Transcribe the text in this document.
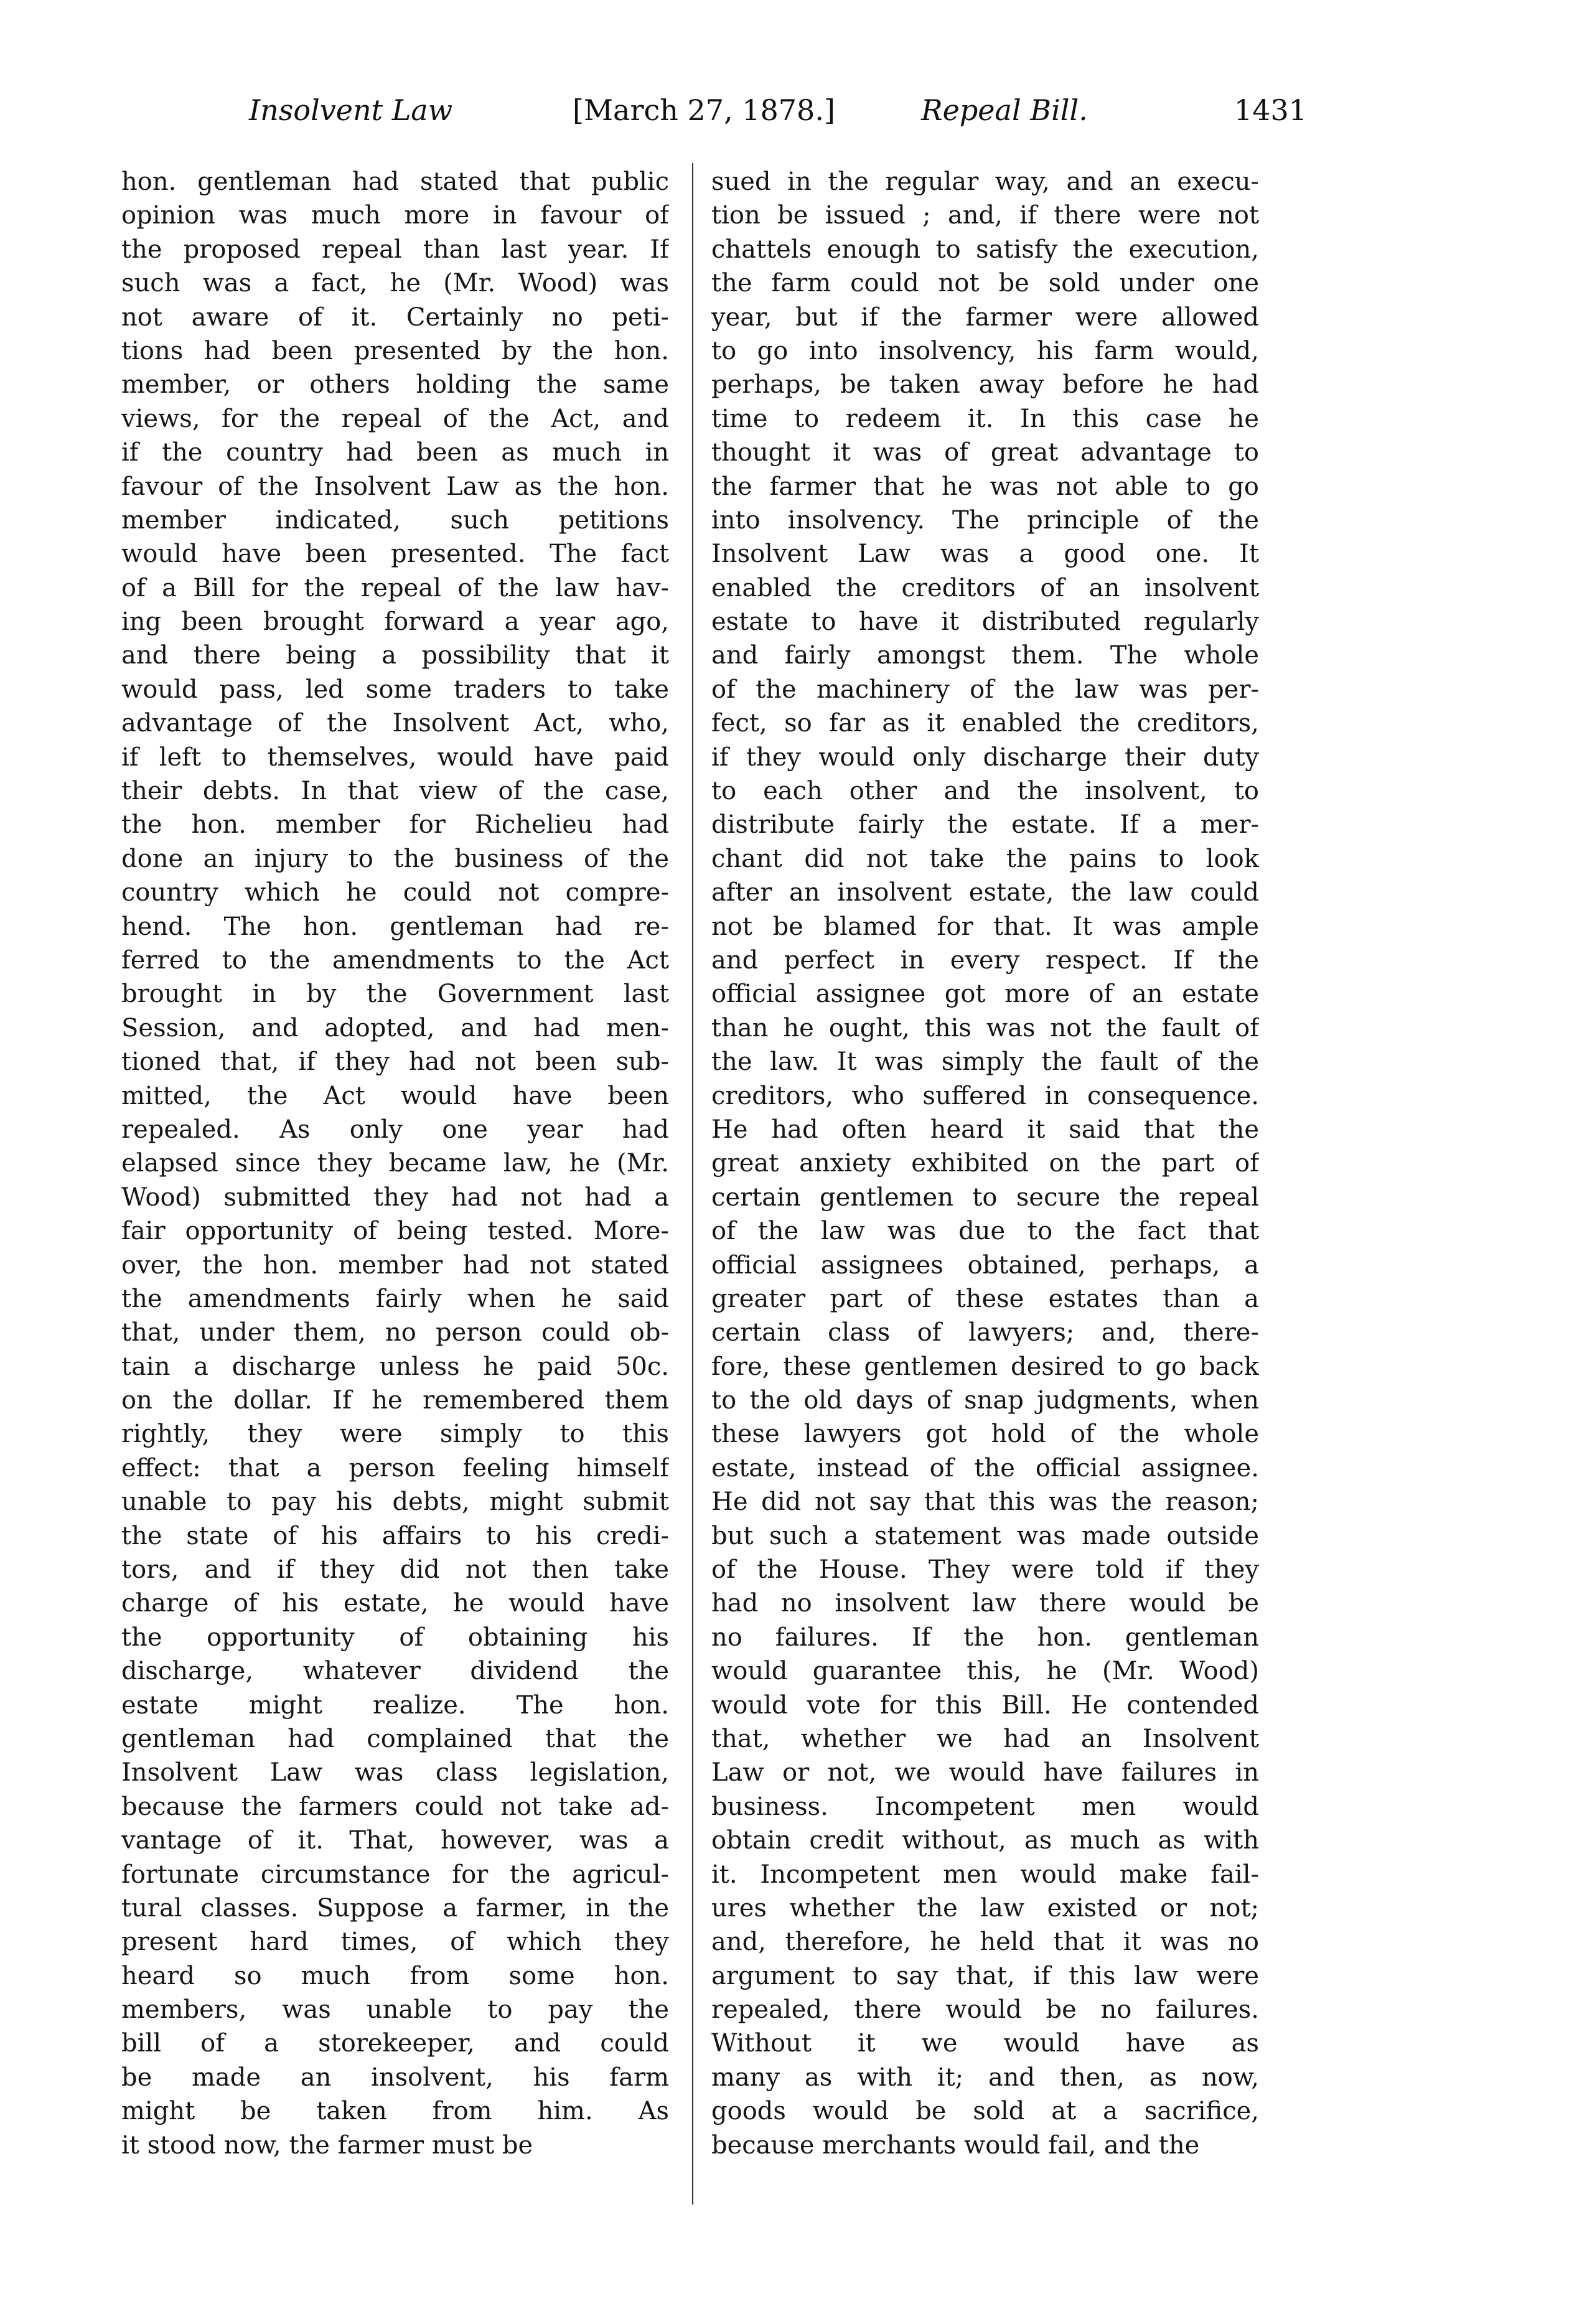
Insolvent Law	[March 27, 1878.]	Repeal Bill.	1431
hon. gentleman had stated that public
opinion was much more in favour of
the proposed repeal than last year. If
such was a fact, he (Mr. Wood) was
not aware of it. Certainly no peti-
tions had been presented by the hon.
member, or others holding the same
views, for the repeal of the Act, and
if the country had been as much in
favour of the Insolvent Law as the hon.
member indicated, such petitions
would have been presented. The fact
of a Bill for the repeal of the law hav-
ing been brought forward a year ago,
and there being a possibility that it
would pass, led some traders to take
advantage of the Insolvent Act, who,
if left to themselves, would have paid
their debts. In that view of the case,
the hon. member for Richelieu had
done an injury to the business of the
country which he could not compre-
hend. The hon. gentleman had re-
ferred to the amendments to the Act
brought in by the Government last
Session, and adopted, and had men-
tioned that, if they had not been sub-
mitted, the Act would have been
repealed. As only one year had
elapsed since they became law, he (Mr.
Wood) submitted they had not had a
fair opportunity of being tested. More-
over, the hon. member had not stated
the amendments fairly when he said
that, under them, no person could ob-
tain a discharge unless he paid 50c.
on the dollar. If he remembered them
rightly, they were simply to this
effect: that a person feeling himself
unable to pay his debts, might submit
the state of his affairs to his credi-
tors, and if they did not then take
charge of his estate, he would have
the opportunity of obtaining his
discharge, whatever dividend the
estate might realize. The hon.
gentleman had complained that the
Insolvent Law was class legislation,
because the farmers could not take ad-
vantage of it. That, however, was a
fortunate circumstance for the agricul-
tural classes. Suppose a farmer, in the
present hard times, of which they
heard so much from some hon.
members, was unable to pay the
bill of a storekeeper, and could
be made an insolvent, his farm
might be taken from him. As
it stood now, the farmer must be
sued in the regular way, and an execu-
tion be issued ; and, if there were not
chattels enough to satisfy the execution,
the farm could not be sold under one
year, but if the farmer were allowed
to go into insolvency, his farm would,
perhaps, be taken away before he had
time to redeem it. In this case he
thought it was of great advantage to
the farmer that he was not able to go
into insolvency. The principle of the
Insolvent Law was a good one. It
enabled the creditors of an insolvent
estate to have it distributed regularly
and fairly amongst them. The whole
of the machinery of the law was per-
fect, so far as it enabled the creditors,
if they would only discharge their duty
to each other and the insolvent, to
distribute fairly the estate. If a mer-
chant did not take the pains to look
after an insolvent estate, the law could
not be blamed for that. It was ample
and perfect in every respect. If the
official assignee got more of an estate
than he ought, this was not the fault of
the law. It was simply the fault of the
creditors, who suffered in consequence.
He had often heard it said that the
great anxiety exhibited on the part of
certain gentlemen to secure the repeal
of the law was due to the fact that
official assignees obtained, perhaps, a
greater part of these estates than a
certain class of lawyers; and, there-
fore, these gentlemen desired to go back
to the old days of snap judgments, when
these lawyers got hold of the whole
estate, instead of the official assignee.
He did not say that this was the reason;
but such a statement was made outside
of the House. They were told if they
had no insolvent law there would be
no failures. If the hon. gentleman
would guarantee this, he (Mr. Wood)
would vote for this Bill. He contended
that, whether we had an Insolvent
Law or not, we would have failures in
business. Incompetent men would
obtain credit without, as much as with
it. Incompetent men would make fail-
ures whether the law existed or not;
and, therefore, he held that it was no
argument to say that, if this law were
repealed, there would be no failures.
Without it we would have as
many as with it; and then, as now,
goods would be sold at a sacrifice,
because merchants would fail, and the
